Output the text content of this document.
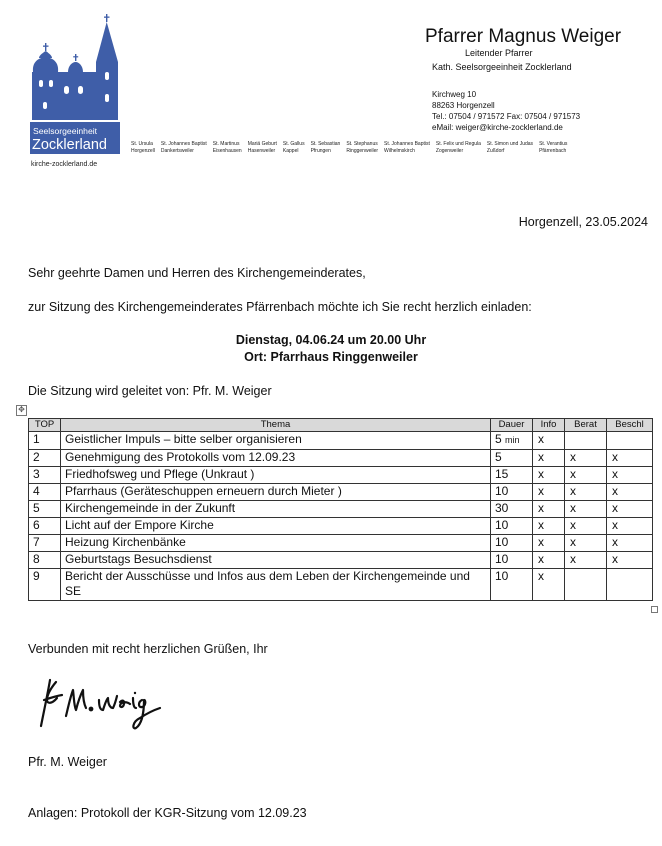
Seelsorgeeinheit
Zocklerland
kirche-zocklerland.de
Pfarrer Magnus Weiger
Leitender Pfarrer
Kath. Seelsorgeeinheit Zocklerland
Kirchweg 10
88263 Horgenzell
Tel.: 07504 / 971572 Fax: 07504 / 971573
eMail: weiger@kirche-zocklerland.de
St. Ursula
Horgenzell
St. Johannes Baptist
Dankertsweiler
St. Martinus
Eisenhausen
Mariä Geburt
Hasenweiler
St. Gallus
Kappel
St. Sebastian
Pfrungen
St. Stephanus
Ringgenweiler
St. Johannes Baptist
Wilhelmskirch
St. Felix und Regula
Zogenweiler
St. Simon und Judas
Zußdorf
St. Verantius
Pfärrenbach
Horgenzell, 23.05.2024
Sehr geehrte Damen und Herren des Kirchengemeinderates,
zur Sitzung des Kirchengemeinderates Pfärrenbach möchte ich Sie recht herzlich einladen:
Dienstag, 04.06.24 um 20.00 Uhr
Ort: Pfarrhaus Ringgenweiler
Die Sitzung wird geleitet von: Pfr. M. Weiger
✥
TOP	Thema	Dauer	Info	Berat	Beschl
1	Geistlicher Impuls – bitte selber organisieren	5 min	x		
2	Genehmigung des Protokolls vom 12.09.23	5	x	x	x
3	Friedhofsweg und Pflege (Unkraut )	15	x	x	x
4	Pfarrhaus (Geräteschuppen erneuern durch Mieter )	10	x	x	x
5	Kirchengemeinde in der Zukunft	30	x	x	x
6	Licht auf der Empore Kirche	10	x	x	x
7	Heizung Kirchenbänke	10	x	x	x
8	Geburtstags Besuchsdienst	10	x	x	x
9	Bericht der Ausschüsse und Infos aus dem Leben der Kirchengemeinde und SE	10	x		
Verbunden mit recht herzlichen Grüßen, Ihr
Pfr. M. Weiger
Anlagen: Protokoll der KGR-Sitzung vom 12.09.23
